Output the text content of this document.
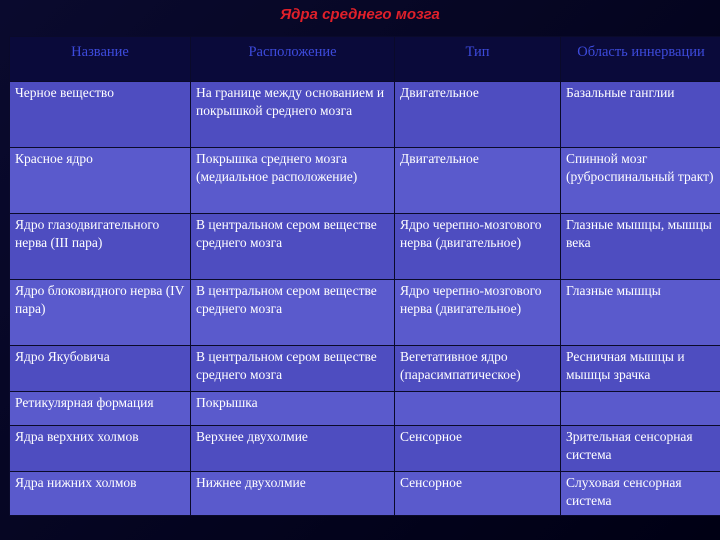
Ядра среднего мозга
Название	Расположение	Тип	Область иннервации
Черное вещество	На границе между основанием и покрышкой среднего мозга	Двигательное	Базальные ганглии
Красное ядро	Покрышка среднего мозга (медиальное расположение)	Двигательное	Спинной мозг (руброспинальный тракт)
Ядро глазодвигательного нерва (III пара)	В центральном сером веществе среднего мозга	Ядро черепно-мозгового нерва (двигательное)	Глазные мышцы, мышцы века
Ядро блоковидного нерва (IV пара)	В центральном сером веществе среднего мозга	Ядро черепно-мозгового нерва (двигательное)	Глазные мышцы
Ядро Якубовича	В центральном сером веществе среднего мозга	Вегетативное ядро (парасимпатическое)	Ресничная мышцы и мышцы зрачка
Ретикулярная формация	Покрышка		
Ядра верхних холмов	Верхнее двухолмие	Сенсорное	Зрительная сенсорная система
Ядра нижних холмов	Нижнее двухолмие	Сенсорное	Слуховая сенсорная система
